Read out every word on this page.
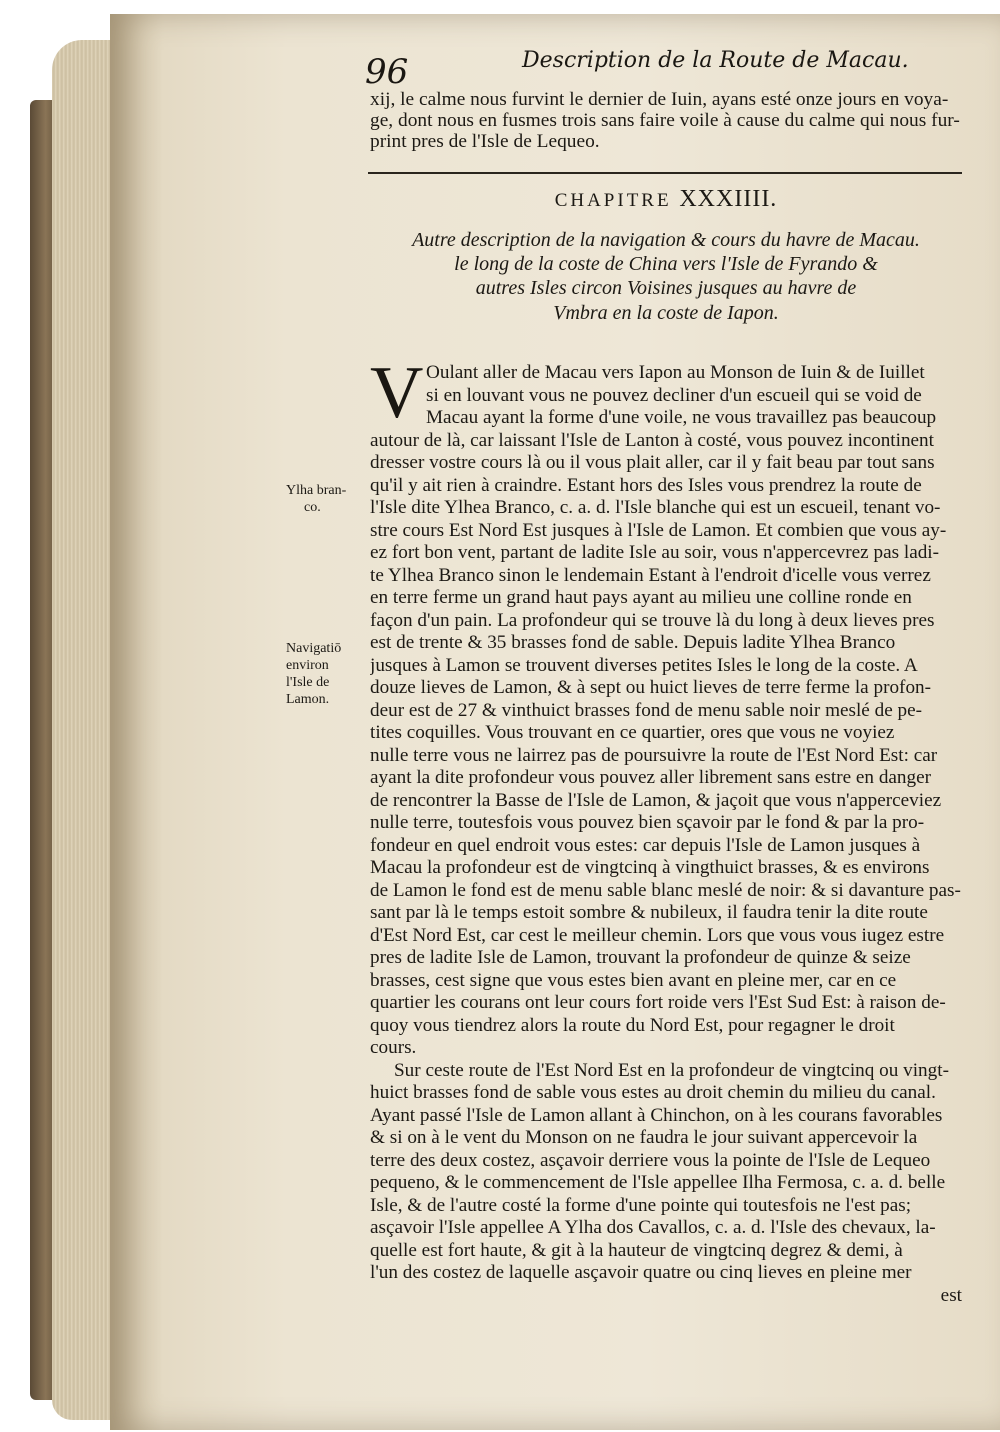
96	Description de la Route de Macau.
xij, le calme nous furvint le dernier de Iuin, ayans esté onze jours en voya-
ge, dont nous en fusmes trois sans faire voile à cause du calme qui nous fur-
print pres de l'Isle de Lequeo.
CHAPITRE XXXIIII.
Autre description de la navigation & cours du havre de Macau.
le long de la coste de China vers l'Isle de Fyrando &
autres Isles circon Voisines jusques au havre de
Vmbra en la coste de Iapon.
V Oulant aller de Macau vers Iapon au Monson de Iuin & de Iuillet
si en louvant vous ne pouvez decliner d'un escueil qui se void de
Macau ayant la forme d'une voile, ne vous travaillez pas beaucoup
autour de là, car laissant l'Isle de Lanton à costé, vous pouvez incontinent
dresser vostre cours là ou il vous plait aller, car il y fait beau par tout sans
qu'il y ait rien à craindre. Estant hors des Isles vous prendrez la route de
l'Isle dite Ylhea Branco, c. a. d. l'Isle blanche qui est un escueil, tenant vo-
stre cours Est Nord Est jusques à l'Isle de Lamon. Et combien que vous ay-
ez fort bon vent, partant de ladite Isle au soir, vous n'appercevrez pas ladi-
te Ylhea Branco sinon le lendemain Estant à l'endroit d'icelle vous verrez
en terre ferme un grand haut pays ayant au milieu une colline ronde en
façon d'un pain. La profondeur qui se trouve là du long à deux lieves pres
est de trente & 35 brasses fond de sable. Depuis ladite Ylhea Branco
jusques à Lamon se trouvent diverses petites Isles le long de la coste. A
douze lieves de Lamon, & à sept ou huict lieves de terre ferme la profon-
deur est de 27 & vinthuict brasses fond de menu sable noir meslé de pe-
tites coquilles. Vous trouvant en ce quartier, ores que vous ne voyiez
nulle terre vous ne lairrez pas de poursuivre la route de l'Est Nord Est: car
ayant la dite profondeur vous pouvez aller librement sans estre en danger
de rencontrer la Basse de l'Isle de Lamon, & jaçoit que vous n'apperceviez
nulle terre, toutesfois vous pouvez bien sçavoir par le fond & par la pro-
fondeur en quel endroit vous estes: car depuis l'Isle de Lamon jusques à
Macau la profondeur est de vingtcinq à vingthuict brasses, & es environs
de Lamon le fond est de menu sable blanc meslé de noir: & si davanture pas-
sant par là le temps estoit sombre & nubileux, il faudra tenir la dite route
d'Est Nord Est, car cest le meilleur chemin. Lors que vous vous iugez estre
pres de ladite Isle de Lamon, trouvant la profondeur de quinze & seize
brasses, cest signe que vous estes bien avant en pleine mer, car en ce
quartier les courans ont leur cours fort roide vers l'Est Sud Est: à raison de-
quoy vous tiendrez alors la route du Nord Est, pour regagner le droit
cours.
Sur ceste route de l'Est Nord Est en la profondeur de vingtcinq ou vingt-
huict brasses fond de sable vous estes au droit chemin du milieu du canal.
Ayant passé l'Isle de Lamon allant à Chinchon, on à les courans favorables
& si on à le vent du Monson on ne faudra le jour suivant appercevoir la
terre des deux costez, asçavoir derriere vous la pointe de l'Isle de Lequeo
pequeno, & le commencement de l'Isle appellee Ilha Fermosa, c. a. d. belle
Isle, & de l'autre costé la forme d'une pointe qui toutesfois ne l'est pas;
asçavoir l'Isle appellee A Ylha dos Cavallos, c. a. d. l'Isle des chevaux, la-
quelle est fort haute, & git à la hauteur de vingtcinq degrez & demi, à
l'un des costez de laquelle asçavoir quatre ou cinq lieves en pleine mer
est
Ylha bran-
co.
Navigatiō
environ
l'Isle de
Lamon.
